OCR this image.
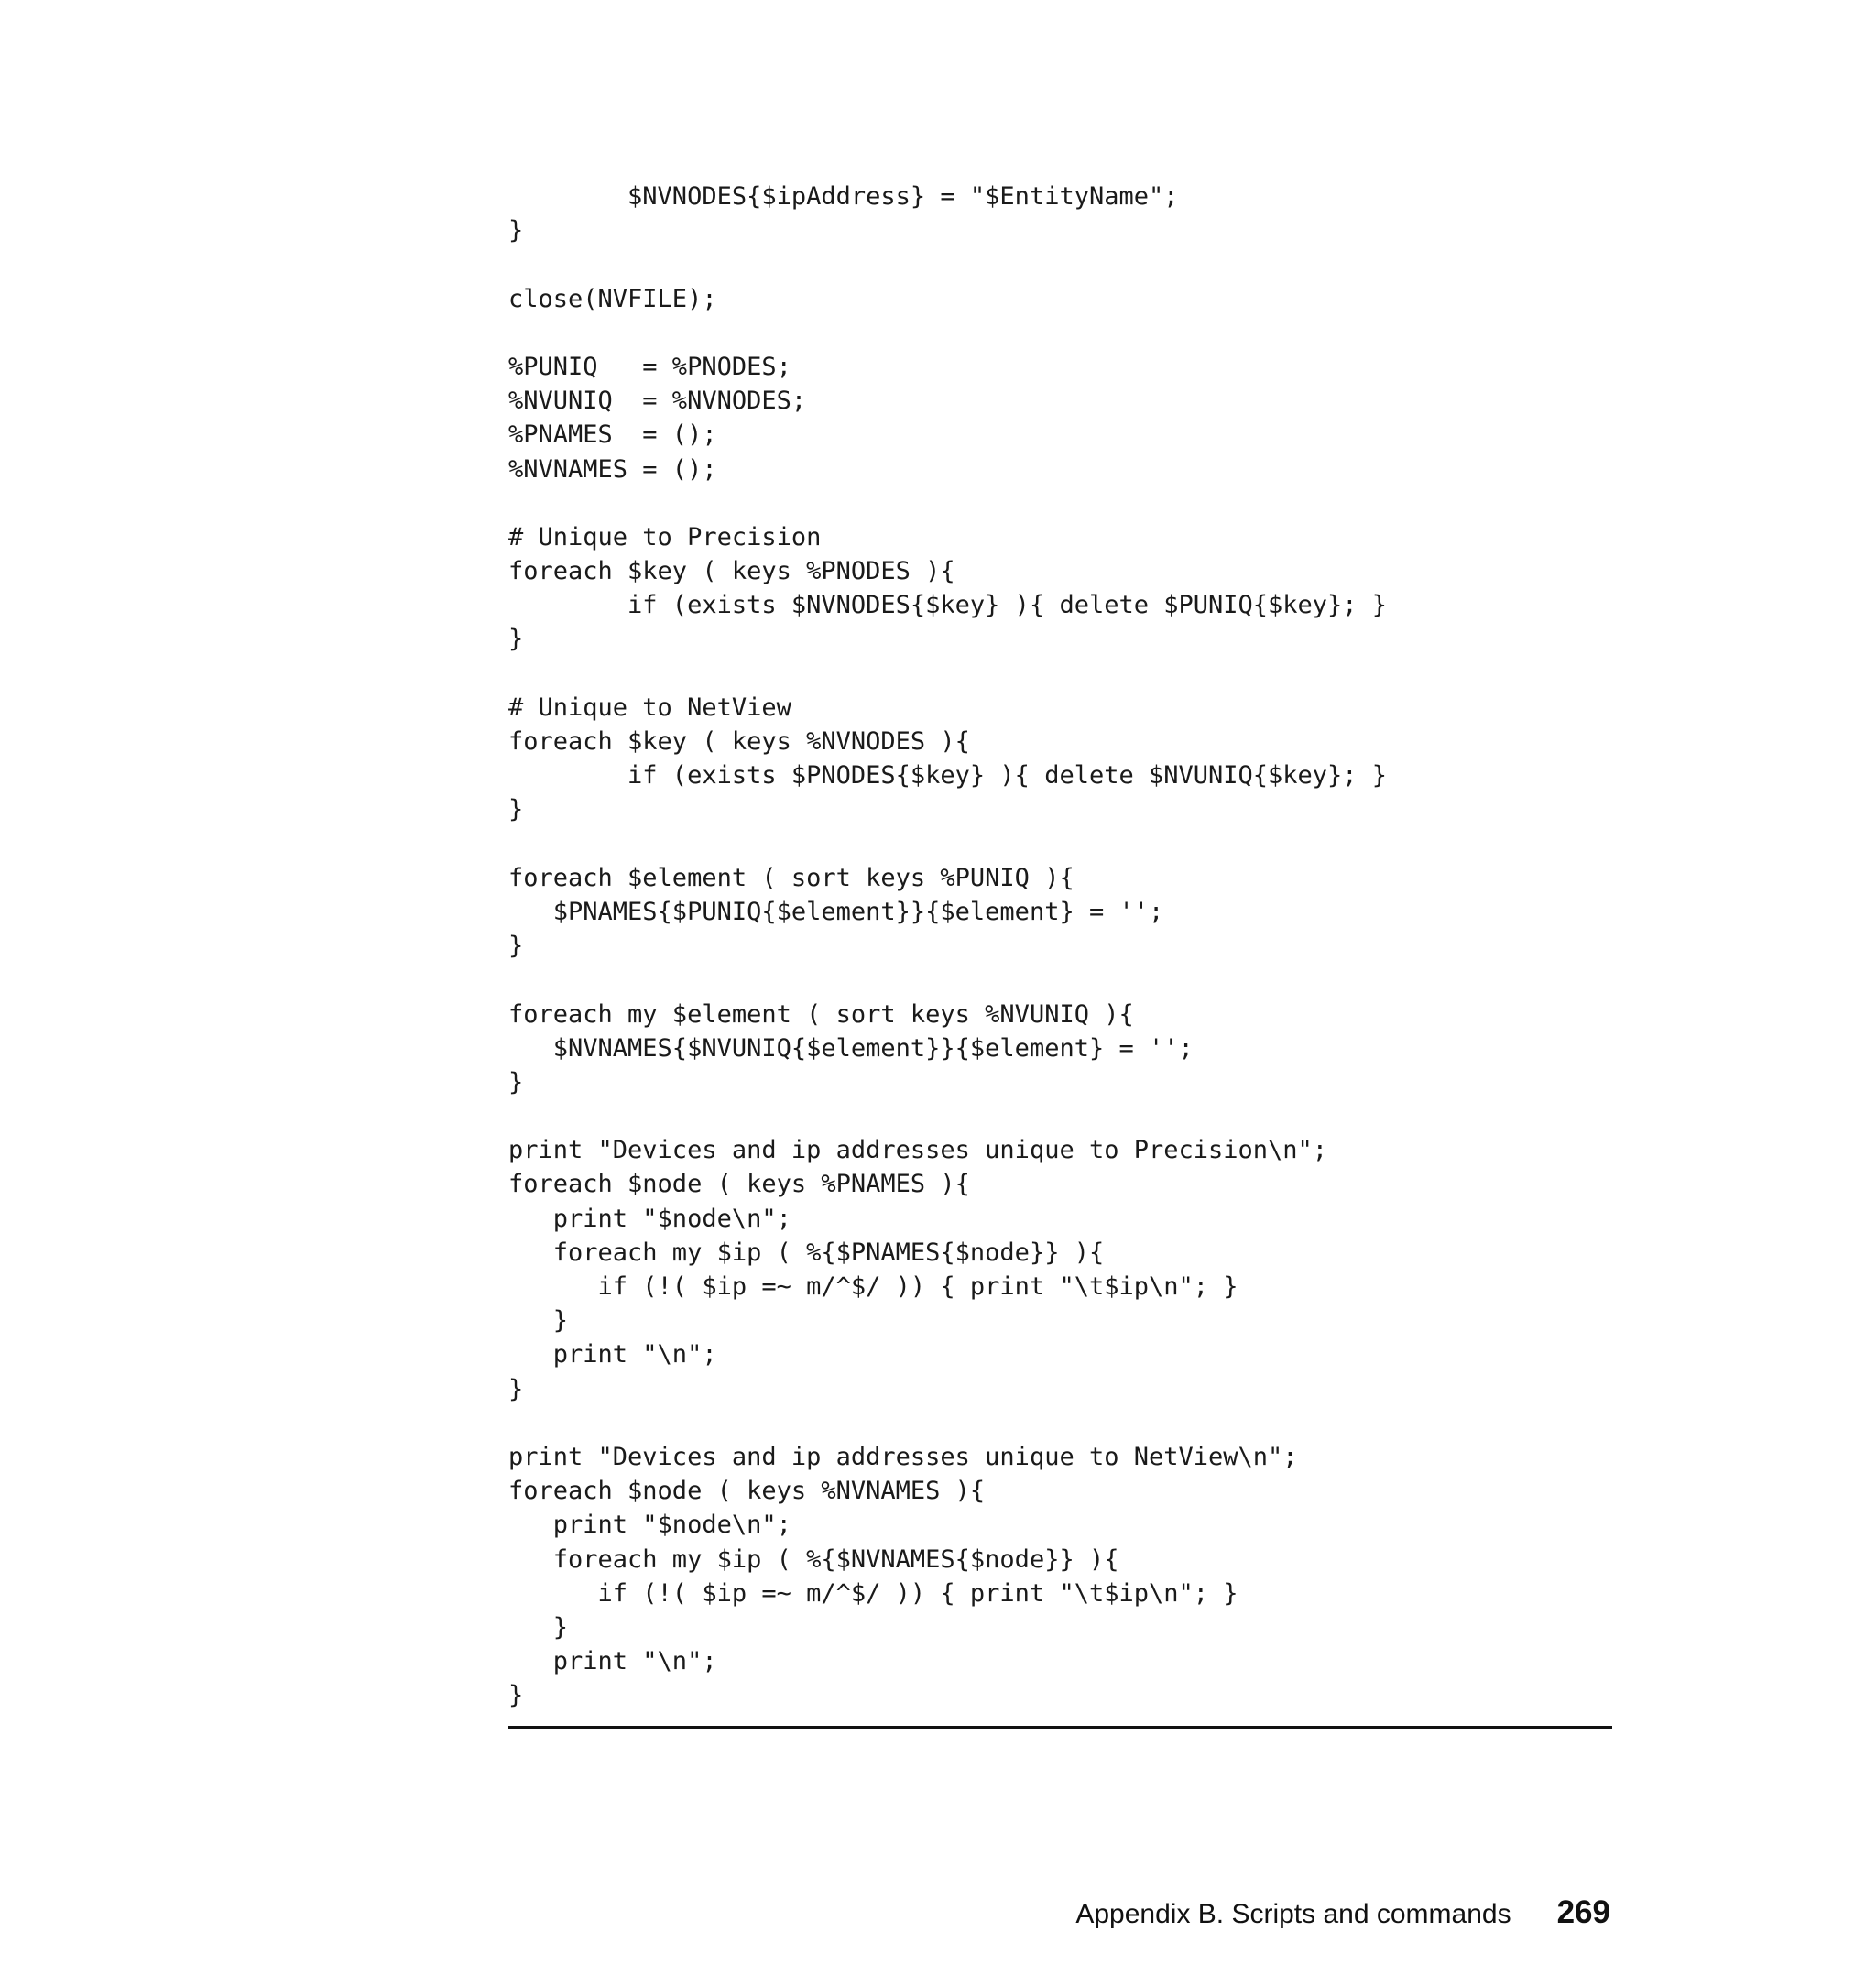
$NVNODES{$ipAddress} = "$EntityName";
}
close(NVFILE);
%PUNIQ   = %PNODES;
%NVUNIQ  = %NVNODES;
%PNAMES  = ();
%NVNAMES = ();
# Unique to Precision
foreach $key ( keys %PNODES ){
if (exists $NVNODES{$key} ){ delete $PUNIQ{$key}; }
}
# Unique to NetView
foreach $key ( keys %NVNODES ){
if (exists $PNODES{$key} ){ delete $NVUNIQ{$key}; }
}
foreach $element ( sort keys %PUNIQ ){
$PNAMES{$PUNIQ{$element}}{$element} = '';
}
foreach my $element ( sort keys %NVUNIQ ){
$NVNAMES{$NVUNIQ{$element}}{$element} = '';
}
print "Devices and ip addresses unique to Precision\n";
foreach $node ( keys %PNAMES ){
print "$node\n";
foreach my $ip ( %{$PNAMES{$node}} ){
if (!( $ip =~ m/^$/ )) { print "\t$ip\n"; }
}
print "\n";
}
print "Devices and ip addresses unique to NetView\n";
foreach $node ( keys %NVNAMES ){
print "$node\n";
foreach my $ip ( %{$NVNAMES{$node}} ){
if (!( $ip =~ m/^$/ )) { print "\t$ip\n"; }
}
print "\n";
}
Appendix B. Scripts and commands 269
